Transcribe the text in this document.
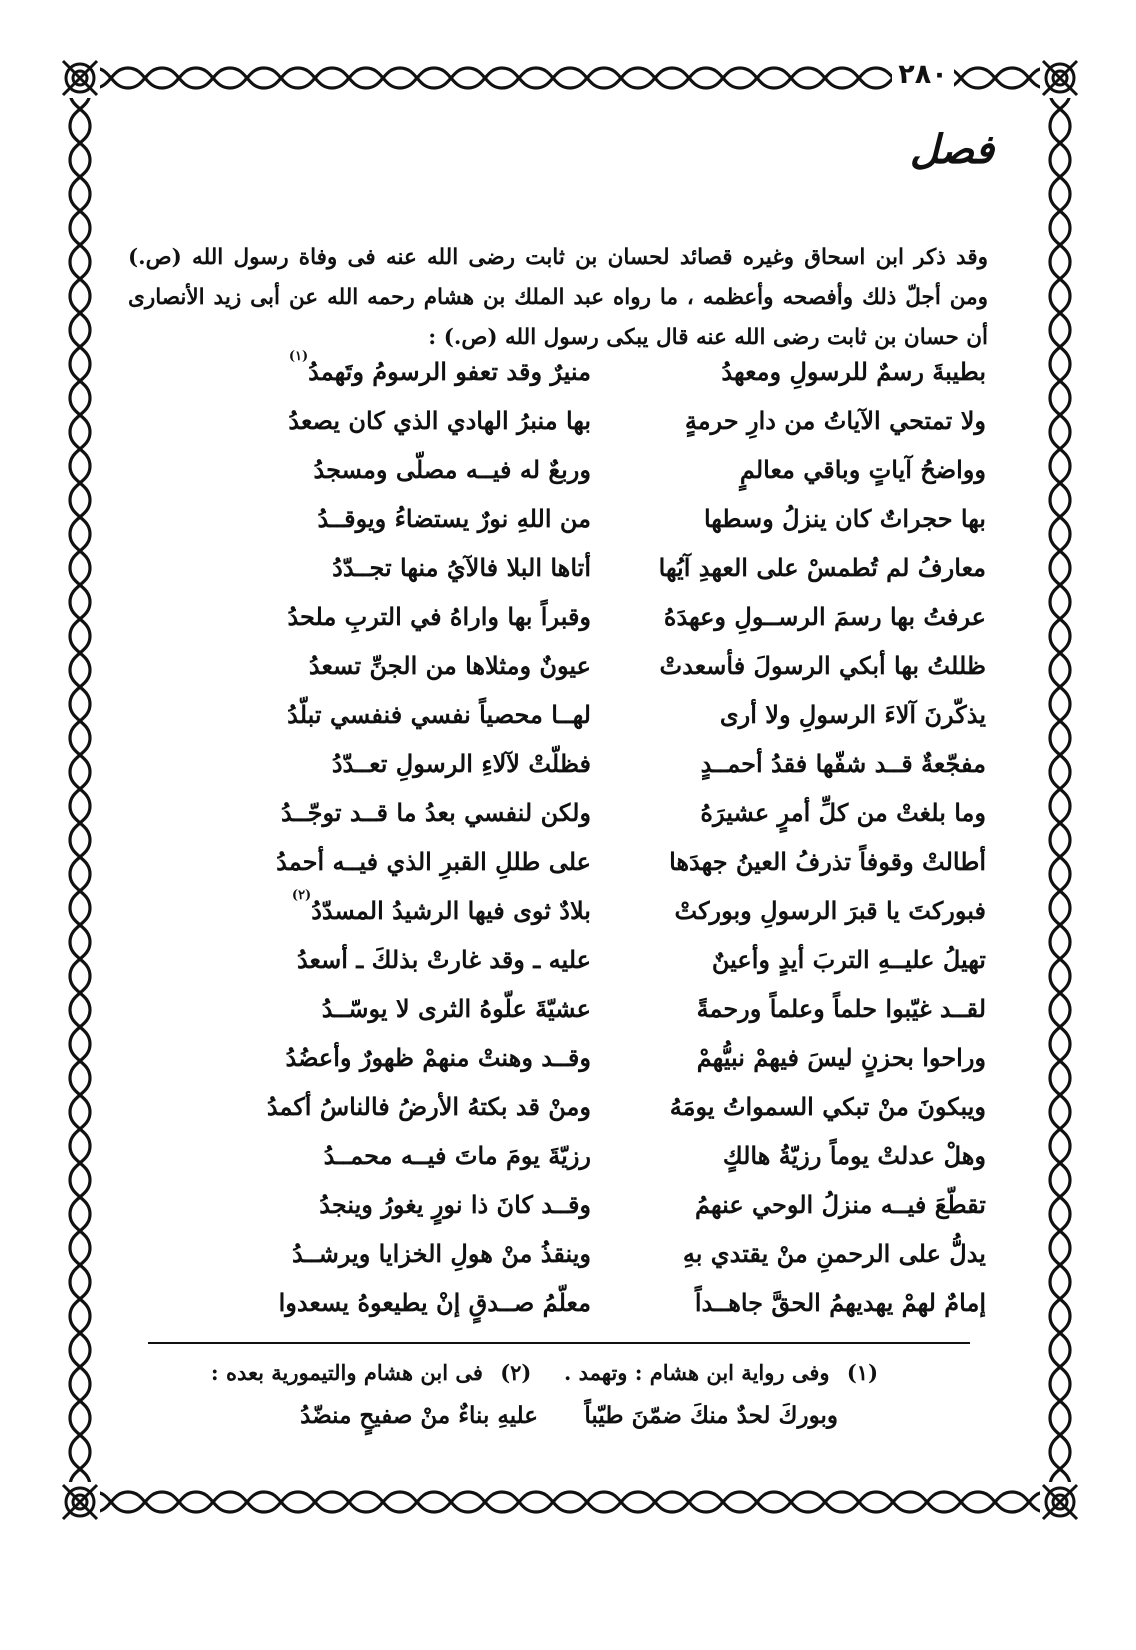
٢٨٠
فصل

وقد ذكر ابن اسحاق وغيره قصائد لحسان بن ثابت رضى الله عنه فى وفاة رسول الله (ص.) ومن أجلّ ذلك وأفصحه وأعظمه ، ما رواه عبد الملك بن هشام رحمه الله عن أبى زيد الأنصارى أن حسان بن ثابت رضى الله عنه قال يبكى رسول الله (ص.) :

بطيبةَ رسمٌ للرسولِ ومعهدُ
منيرٌ وقد تعفو الرسومُ وتَهمدُ$^{(١)}$
ولا تمتحي الآياتُ من دارِ حرمةٍ
بها منبرُ الهادي الذي كان يصعدُ
وواضحُ آياتٍ وباقي معالمٍ
وربعٌ له فيــه مصلّى ومسجدُ
بها حجراتٌ كان ينزلُ وسطها
من اللهِ نورٌ يستضاءُ ويوقــدُ
معارفُ لم تُطمسْ على العهدِ آيُها
أتاها البلا فالآيُ منها تجــدّدُ
عرفتُ بها رسمَ الرســولِ وعهدَهُ
وقبراً بها واراهُ في التربِ ملحدُ
ظللتُ بها أبكي الرسولَ فأسعدتْ
عيونٌ ومثلاها من الجنِّ تسعدُ
يذكّرنَ آلاءَ الرسولِ ولا أرى
لهــا محصياً نفسي فنفسي تبلّدُ
مفجّعةٌ قــد شفّها فقدُ أحمــدٍ
فظلّتْ لآلاءِ الرسولِ تعــدّدُ
وما بلغتْ من كلِّ أمرٍ عشيرَهُ
ولكن لنفسي بعدُ ما قــد توجّــدُ
أطالتْ وقوفاً تذرفُ العينُ جهدَها
على طللِ القبرِ الذي فيــه أحمدُ
فبوركتَ يا قبرَ الرسولِ وبوركتْ
بلادٌ ثوى فيها الرشيدُ المسدّدُ$^{(٢)}$
تهيلُ عليــهِ التربَ أيدٍ وأعينٌ
عليه ـ وقد غارتْ بذلكَ ـ أسعدُ
لقــد غيّبوا حلماً وعلماً ورحمةً
عشيّةَ علّوهُ الثرى لا يوسّــدُ
وراحوا بحزنٍ ليسَ فيهمْ نبيُّهمْ
وقــد وهنتْ منهمْ ظهورٌ وأعضُدُ
ويبكونَ منْ تبكي السمواتُ يومَهُ
ومنْ قد بكتهُ الأرضُ فالناسُ أكمدُ
وهلْ عدلتْ يوماً رزيّةُ هالكٍ
رزيّةَ يومَ ماتَ فيــه محمــدُ
تقطّعَ فيــه منزلُ الوحي عنهمُ
وقــد كانَ ذا نورٍ يغورُ وينجدُ
يدلُّ على الرحمنِ منْ يقتدي بهِ
وينقذُ منْ هولِ الخزايا ويرشــدُ
إمامٌ لهمْ يهديهمُ الحقَّ جاهــداً
معلّمُ صــدقٍ إنْ يطيعوهُ يسعدوا
(١) وفى رواية ابن هشام : وتهمد .  (٢) فى ابن هشام والتيمورية بعده :
وبوركَ لحدٌ منكَ ضمّنَ طيّباً
عليهِ بناءٌ منْ صفيحٍ منضّدُ
